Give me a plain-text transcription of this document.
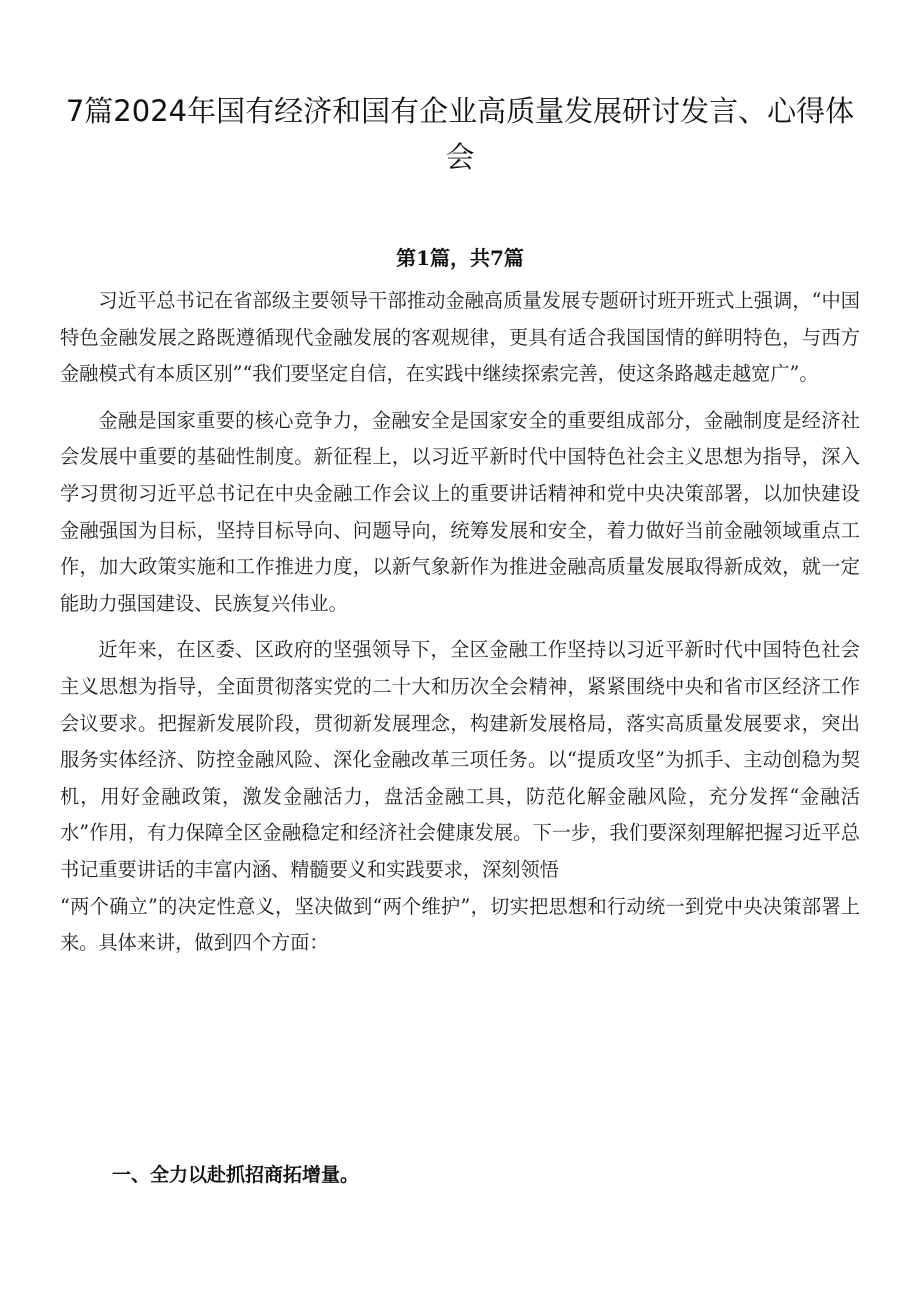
7篇2024年国有经济和国有企业高质量发展研讨发言、心得体会
第1篇，共7篇

习近平总书记在省部级主要领导干部推动金融高质量发展专题研讨班开班式上强调，“中国特色金融发展之路既遵循现代金融发展的客观规律，更具有适合我国国情的鲜明特色，与西方金融模式有本质区别”“我们要坚定自信，在实践中继续探索完善，使这条路越走越宽广”。

金融是国家重要的核心竞争力，金融安全是国家安全的重要组成部分，金融制度是经济社会发展中重要的基础性制度。新征程上，以习近平新时代中国特色社会主义思想为指导，深入学习贯彻习近平总书记在中央金融工作会议上的重要讲话精神和党中央决策部署，以加快建设金融强国为目标，坚持目标导向、问题导向，统筹发展和安全，着力做好当前金融领域重点工作，加大政策实施和工作推进力度，以新气象新作为推进金融高质量发展取得新成效，就一定能助力强国建设、民族复兴伟业。

近年来，在区委、区政府的坚强领导下，全区金融工作坚持以习近平新时代中国特色社会主义思想为指导，全面贯彻落实党的二十大和历次全会精神，紧紧围绕中央和省市区经济工作会议要求。把握新发展阶段，贯彻新发展理念，构建新发展格局，落实高质量发展要求，突出服务实体经济、防控金融风险、深化金融改革三项任务。以“提质攻坚”为抓手、主动创稳为契机，用好金融政策，激发金融活力，盘活金融工具，防范化解金融风险，充分发挥“金融活水”作用，有力保障全区金融稳定和经济社会健康发展。下一步，我们要深刻理解把握习近平总书记重要讲话的丰富内涵、精髓要义和实践要求，深刻领悟

“两个确立”的决定性意义，坚决做到“两个维护”，切实把思想和行动统一到党中央决策部署上来。具体来讲，做到四个方面：

一、全力以赴抓招商拓增量。
